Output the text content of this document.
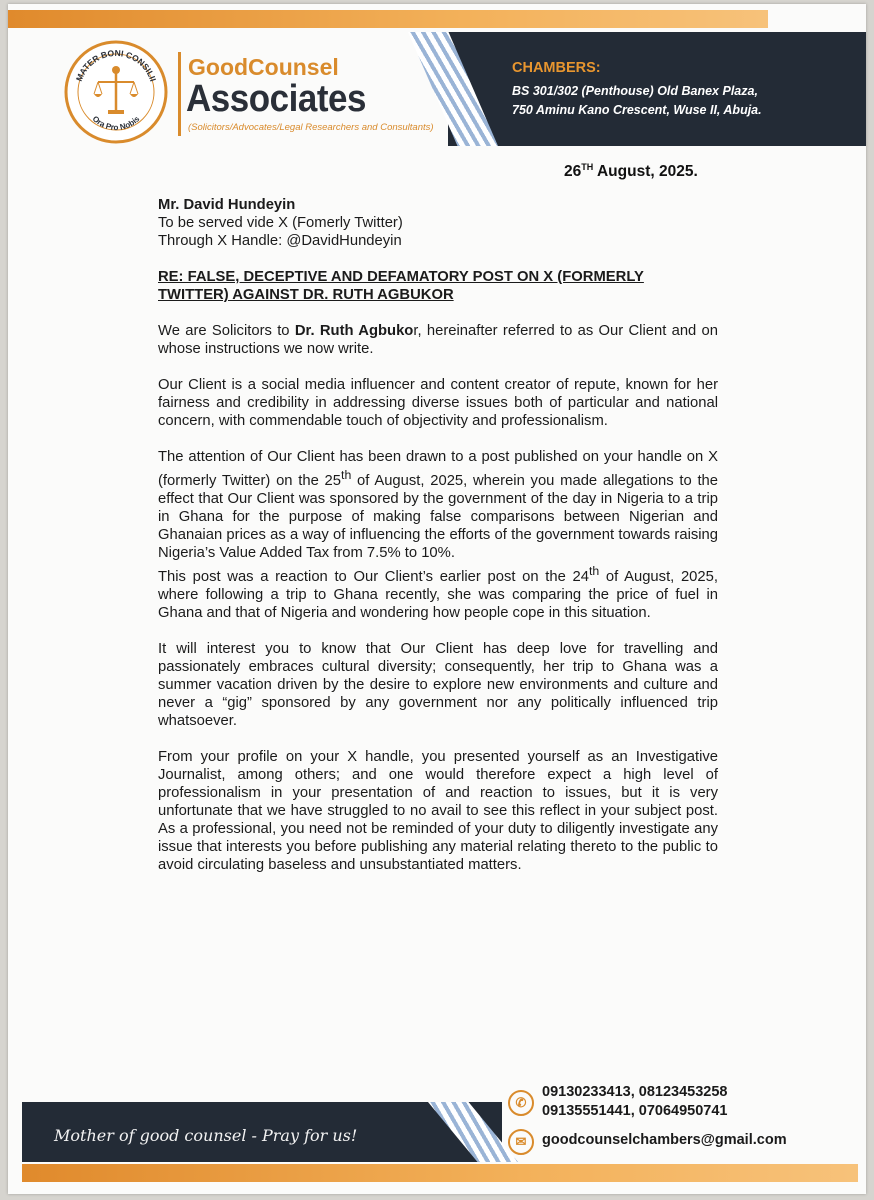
MATER BONI CONSILII
Ora Pro Nobis
GoodCounsel
Associates
(Solicitors/Advocates/Legal Researchers and Consultants)
CHAMBERS:
BS 301/302 (Penthouse) Old Banex Plaza,
750 Aminu Kano Crescent, Wuse II, Abuja.
26TH August, 2025.

Mr. David Hundeyin

To be served vide X (Fomerly Twitter)

Through X Handle: @DavidHundeyin

RE: FALSE, DECEPTIVE AND DEFAMATORY POST ON X (FORMERLY TWITTER) AGAINST DR. RUTH AGBUKOR

We are Solicitors to Dr. Ruth Agbukor, hereinafter referred to as Our Client and on whose instructions we now write.

Our Client is a social media influencer and content creator of repute, known for her fairness and credibility in addressing diverse issues both of particular and national concern, with commendable touch of objectivity and professionalism.

The attention of Our Client has been drawn to a post published on your handle on X (formerly Twitter) on the 25th of August, 2025, wherein you made allegations to the effect that Our Client was sponsored by the government of the day in Nigeria to a trip in Ghana for the purpose of making false comparisons between Nigerian and Ghanaian prices as a way of influencing the efforts of the government towards raising Nigeria’s Value Added Tax from 7.5% to 10%.

This post was a reaction to Our Client’s earlier post on the 24th of August, 2025, where following a trip to Ghana recently, she was comparing the price of fuel in Ghana and that of Nigeria and wondering how people cope in this situation.

It will interest you to know that Our Client has deep love for travelling and passionately embraces cultural diversity; consequently, her trip to Ghana was a summer vacation driven by the desire to explore new environments and culture and never a “gig” sponsored by any government nor any politically influenced trip whatsoever.

From your profile on your X handle, you presented yourself as an Investigative Journalist, among others; and one would therefore expect a high level of professionalism in your presentation of and reaction to issues, but it is very unfortunate that we have struggled to no avail to see this reflect in your subject post. As a professional, you need not be reminded of your duty to diligently investigate any issue that interests you before publishing any material relating thereto to the public to avoid circulating baseless and unsubstantiated matters.

Mother of good counsel - Pray for us!
✆
09130233413, 08123453258
09135551441, 07064950741
✉	goodcounselchambers@gmail.com
